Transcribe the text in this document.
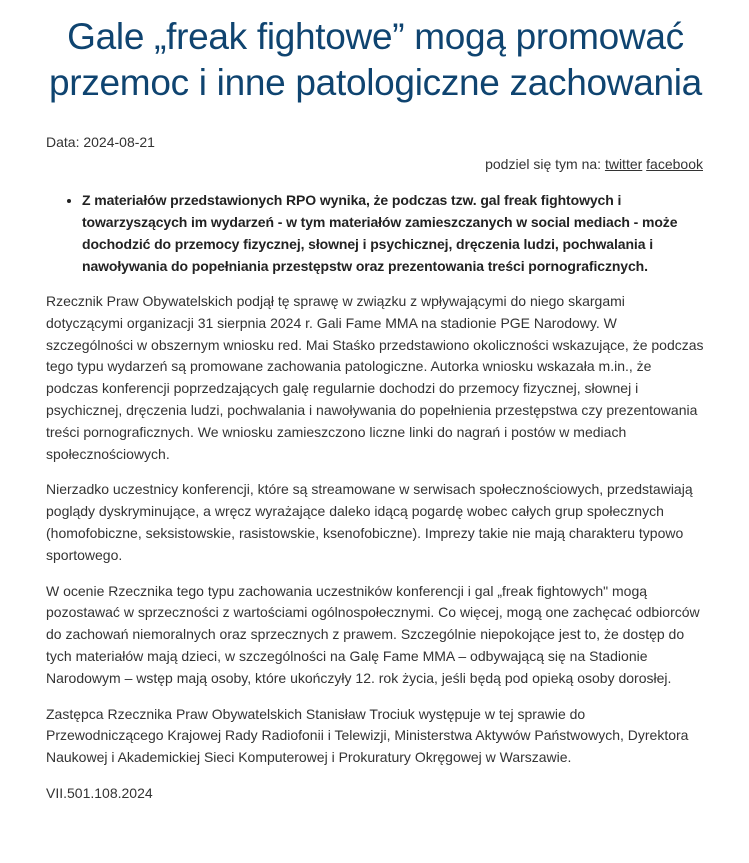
Gale „freak fightowe” mogą promować przemoc i inne patologiczne zachowania
Data: 2024-08-21
podziel się tym na: twitter facebook
• Z materiałów przedstawionych RPO wynika, że podczas tzw. gal freak fightowych i towarzyszących im wydarzeń - w tym materiałów zamieszczanych w social mediach - może dochodzić do przemocy fizycznej, słownej i psychicznej, dręczenia ludzi, pochwalania i nawoływania do popełniania przestępstw oraz prezentowania treści pornograficznych.

Rzecznik Praw Obywatelskich podjął tę sprawę w związku z wpływającymi do niego skargami dotyczącymi organizacji 31 sierpnia 2024 r. Gali Fame MMA na stadionie PGE Narodowy. W szczególności w obszernym wniosku red. Mai Staśko przedstawiono okoliczności wskazujące, że podczas tego typu wydarzeń są promowane zachowania patologiczne. Autorka wniosku wskazała m.in., że podczas konferencji poprzedzających galę regularnie dochodzi do przemocy fizycznej, słownej i psychicznej, dręczenia ludzi, pochwalania i nawoływania do popełnienia przestępstwa czy prezentowania treści pornograficznych. We wniosku zamieszczono liczne linki do nagrań i postów w mediach społecznościowych.

Nierzadko uczestnicy konferencji, które są streamowane w serwisach społecznościowych, przedstawiają poglądy dyskryminujące, a wręcz wyrażające daleko idącą pogardę wobec całych grup społecznych (homofobiczne, seksistowskie, rasistowskie, ksenofobiczne). Imprezy takie nie mają charakteru typowo sportowego.

W ocenie Rzecznika tego typu zachowania uczestników konferencji i gal „freak fightowych" mogą pozostawać w sprzeczności z wartościami ogólnospołecznymi. Co więcej, mogą one zachęcać odbiorców do zachowań niemoralnych oraz sprzecznych z prawem. Szczególnie niepokojące jest to, że dostęp do tych materiałów mają dzieci, w szczególności na Galę Fame MMA – odbywającą się na Stadionie Narodowym – wstęp mają osoby, które ukończyły 12. rok życia, jeśli będą pod opieką osoby dorosłej.

Zastępca Rzecznika Praw Obywatelskich Stanisław Trociuk występuje w tej sprawie do Przewodniczącego Krajowej Rady Radiofonii i Telewizji, Ministerstwa Aktywów Państwowych, Dyrektora Naukowej i Akademickiej Sieci Komputerowej i Prokuratury Okręgowej w Warszawie.

VII.501.108.2024
